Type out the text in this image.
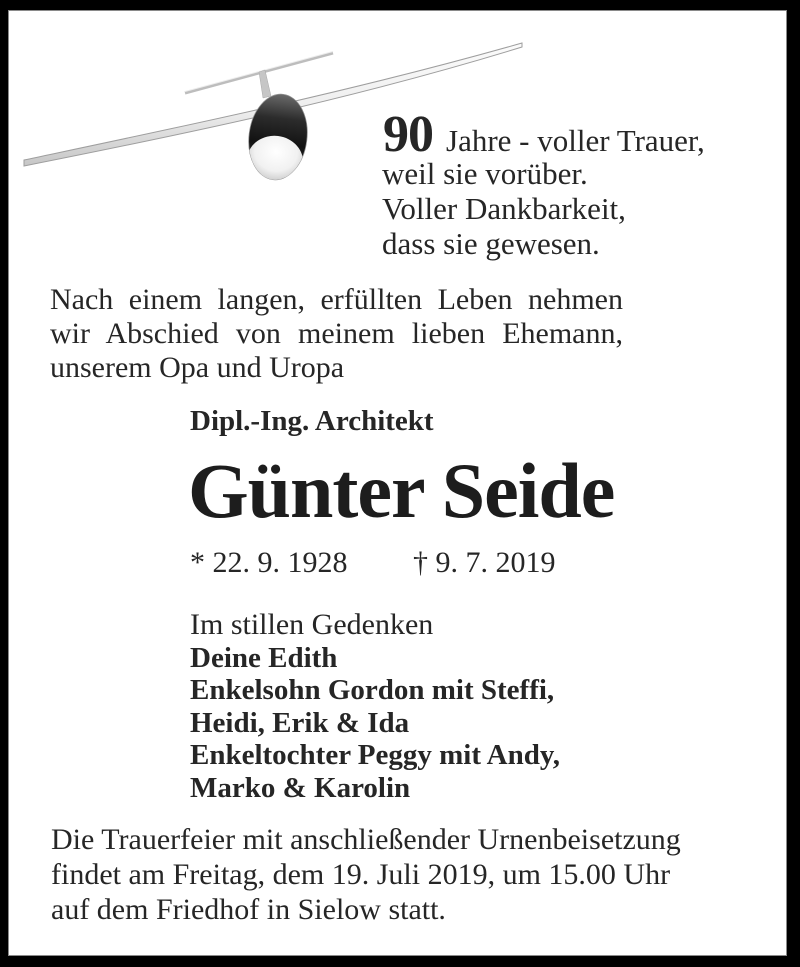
90 Jahre - voller Trauer,
weil sie vorüber.
Voller Dankbarkeit,
dass sie gewesen.
Nach einem langen, erfüllten Leben nehmen
wir Abschied von meinem lieben Ehemann,
unserem Opa und Uropa
Dipl.-Ing. Architekt
Günter Seide
* 22. 9. 1928 † 9. 7. 2019
Im stillen Gedenken
Deine Edith
Enkelsohn Gordon mit Steffi,
Heidi, Erik & Ida
Enkeltochter Peggy mit Andy,
Marko & Karolin
Die Trauerfeier mit anschließender Urnenbeisetzung
findet am Freitag, dem 19. Juli 2019, um 15.00 Uhr
auf dem Friedhof in Sielow statt.
